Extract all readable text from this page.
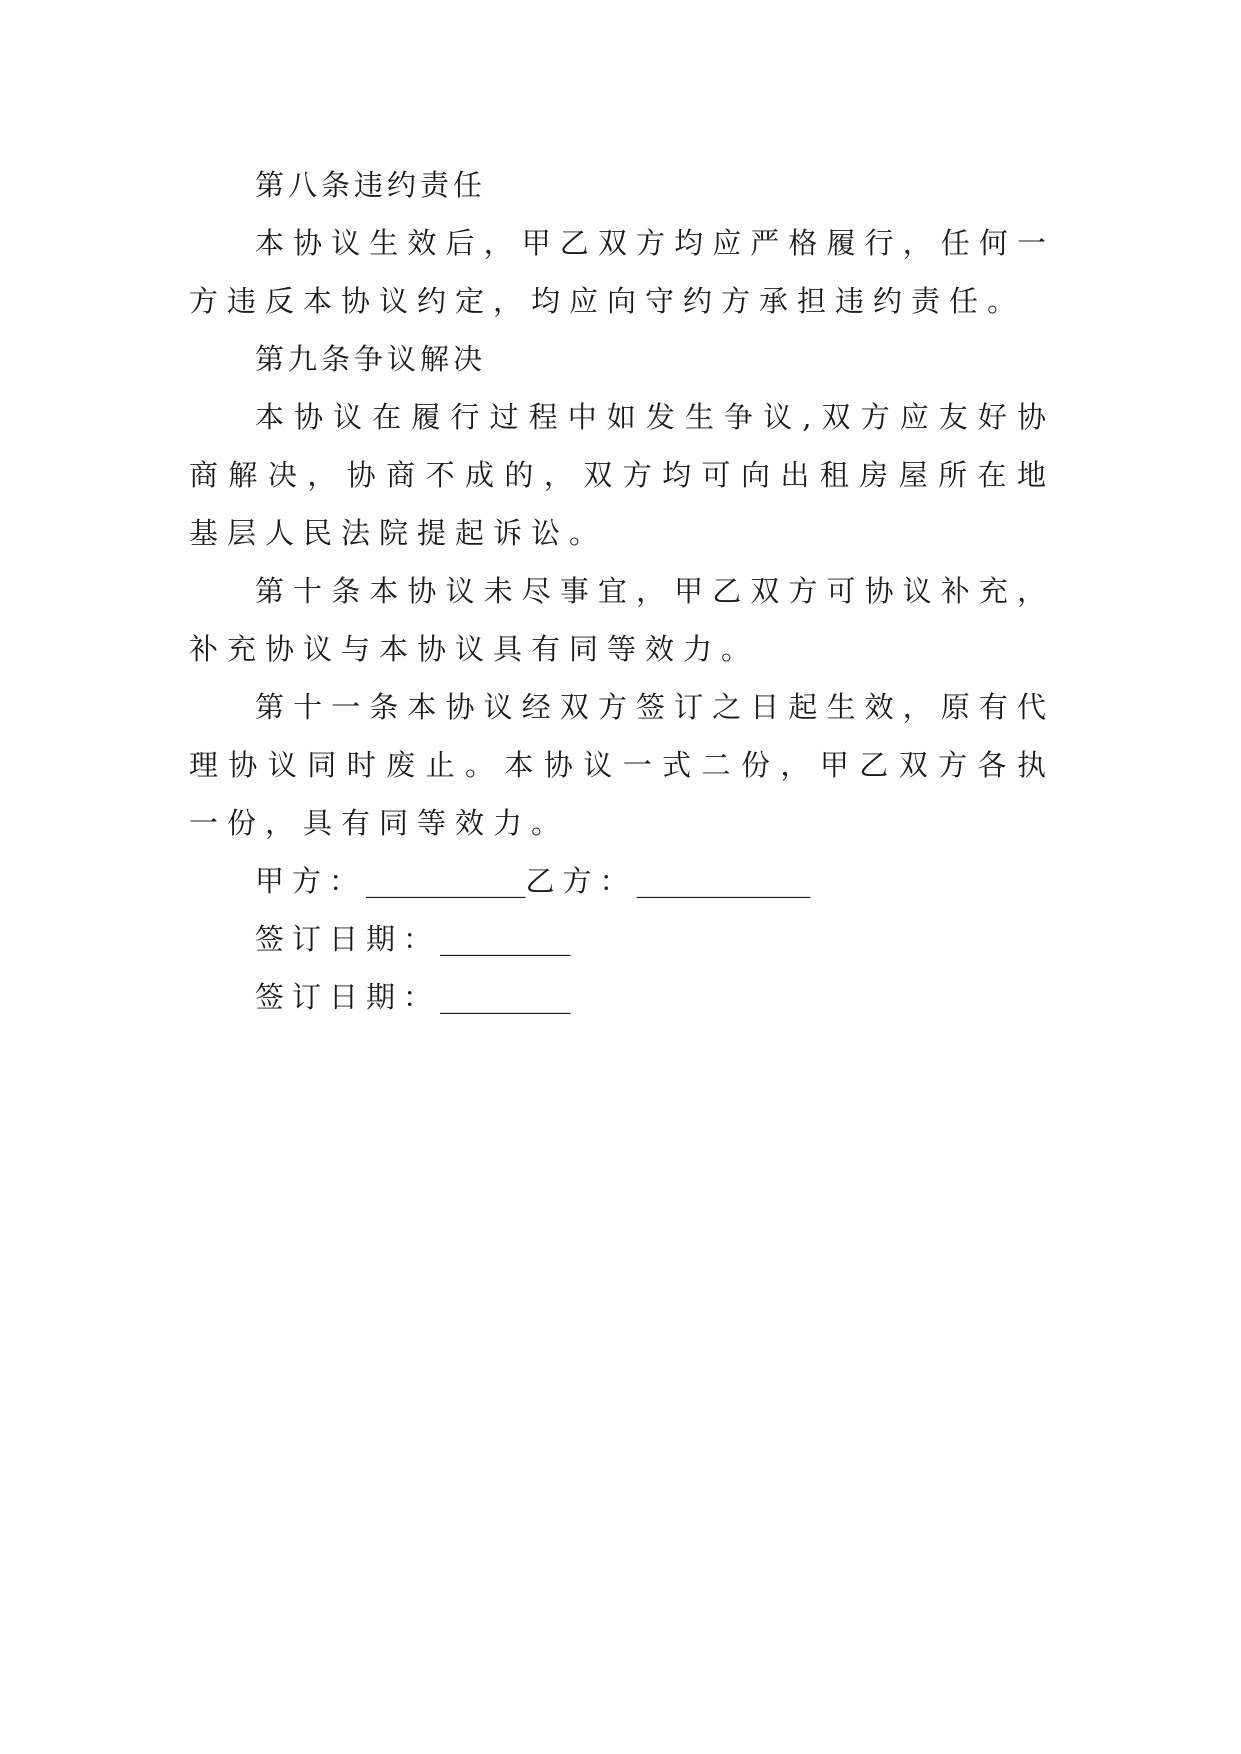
第八条违约责任

本协议生效后，甲乙双方均应严格履行，任何一方违反本协议约定，均应向守约方承担违约责任。

第九条争议解决

本协议在履行过程中如发生争议,双方应友好协商解决，协商不成的，双方均可向出租房屋所在地基层人民法院提起诉讼。

第十条本协议未尽事宜，甲乙双方可协议补充，补充协议与本协议具有同等效力。

第十一条本协议经双方签订之日起生效，原有代理协议同时废止。本协议一式二份，甲乙双方各执一份，具有同等效力。

甲方：___________乙方：____________

签订日期：_________

签订日期：_________
